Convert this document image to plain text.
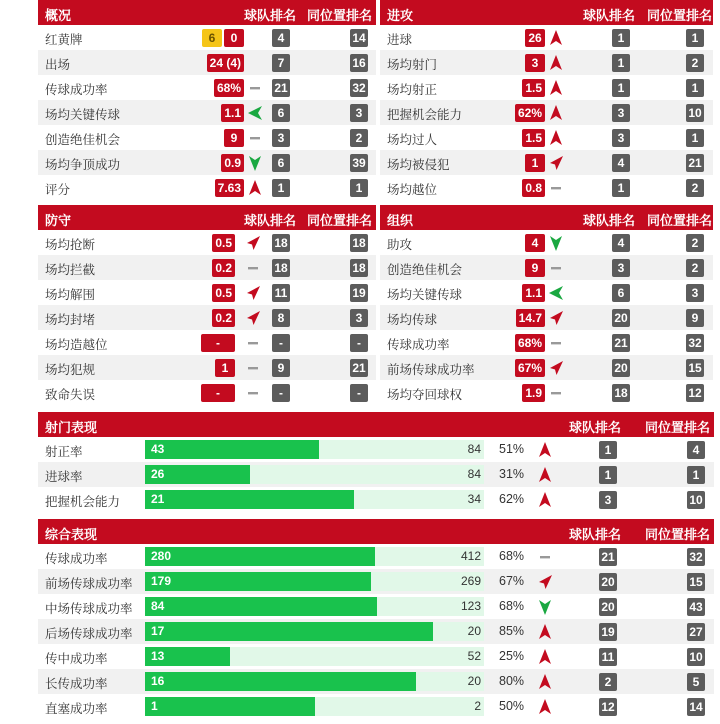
概况	球队排名 同位置排名
红黄牌	6	0	4	14
出场	24 (4)	7	16
传球成功率	68%	21	32
场均关键传球	1.1	6	3
创造绝佳机会	9	3	2
场均争顶成功	0.9	6	39
评分	7.63	1	1
进攻	球队排名 同位置排名
进球	26	1	1
场均射门	3	1	2
场均射正	1.5	1	1
把握机会能力	62%	3	10
场均过人	1.5	3	1
场均被侵犯	1	4	21
场均越位	0.8	1	2
防守	球队排名 同位置排名
场均抢断	0.5	18	18
场均拦截	0.2	18	18
场均解围	0.5	11	19
场均封堵	0.2	8	3
场均造越位	-	-	-
场均犯规	1	9	21
致命失误	-	-	-
组织	球队排名 同位置排名
助攻	4	4	2
创造绝佳机会	9	3	2
场均关键传球	1.1	6	3
场均传球	14.7	20	9
传球成功率	68%	21	32
前场传球成功率	67%	20	15
场均夺回球权	1.9	18	12
射门表现	球队排名 同位置排名
射正率	43	84 51%	1	4
进球率	26	84 31%	1	1
把握机会能力	21	34 62%	3	10
综合表现	球队排名 同位置排名
传球成功率	280	412 68%	21	32
前场传球成功率 179	269 67%	20	15
中场传球成功率 84	123 68%	20	43
后场传球成功率 17	20 85%	19	27
传中成功率	13	52 25%	11	10
长传成功率	16	20 80%	2	5
直塞成功率	1	2 50%	12	14
